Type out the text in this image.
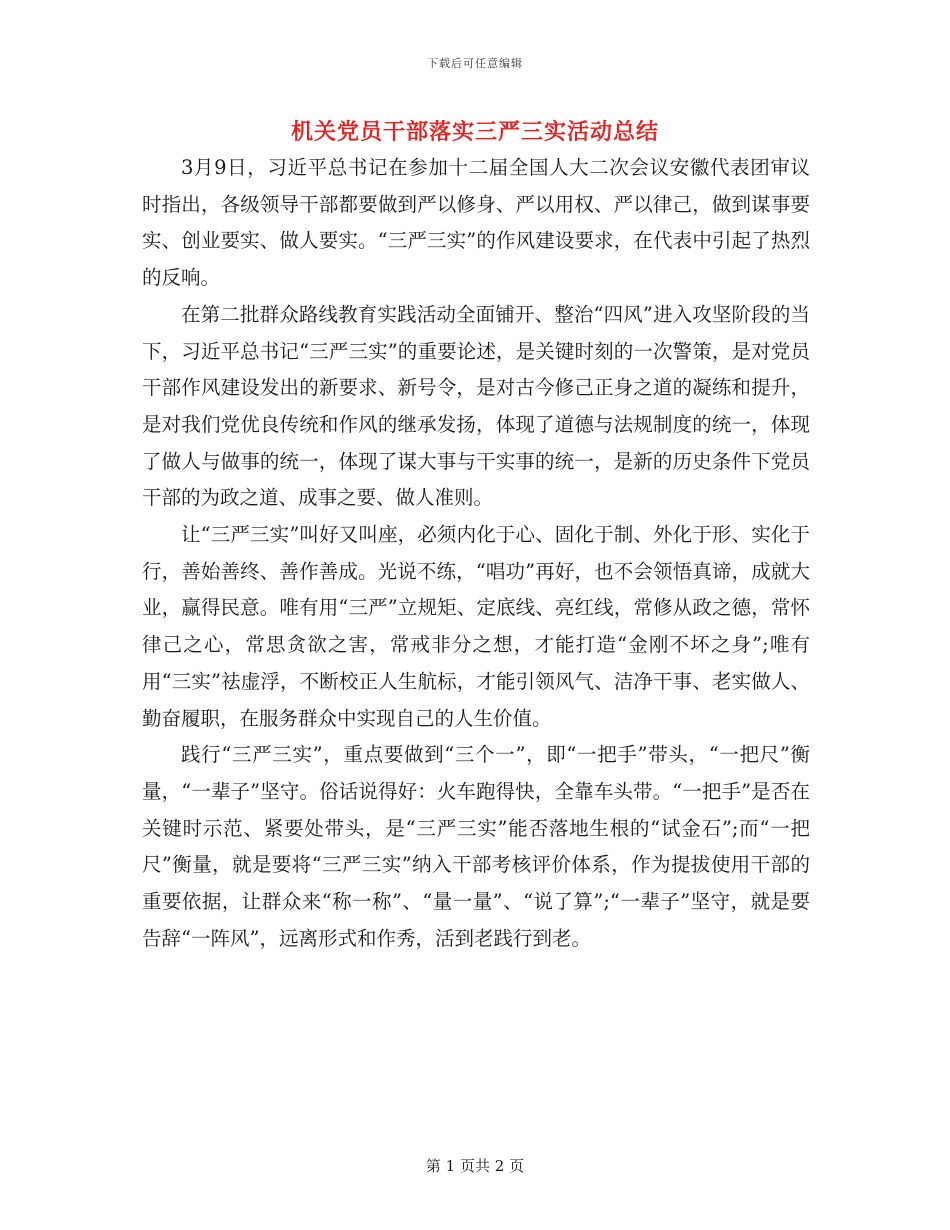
下载后可任意编辑
机关党员干部落实三严三实活动总结

3月9日，习近平总书记在参加十二届全国人大二次会议安徽代表团审议时指出，各级领导干部都要做到严以修身、严以用权、严以律己，做到谋事要实、创业要实、做人要实。“三严三实”的作风建设要求，在代表中引起了热烈的反响。

在第二批群众路线教育实践活动全面铺开、整治“四风”进入攻坚阶段的当下，习近平总书记“三严三实”的重要论述，是关键时刻的一次警策，是对党员干部作风建设发出的新要求、新号令，是对古今修己正身之道的凝练和提升，是对我们党优良传统和作风的继承发扬，体现了道德与法规制度的统一，体现了做人与做事的统一，体现了谋大事与干实事的统一，是新的历史条件下党员干部的为政之道、成事之要、做人准则。

让“三严三实”叫好又叫座，必须内化于心、固化于制、外化于形、实化于行，善始善终、善作善成。光说不练，“唱功”再好，也不会领悟真谛，成就大业，赢得民意。唯有用“三严”立规矩、定底线、亮红线，常修从政之德，常怀律己之心，常思贪欲之害，常戒非分之想，才能打造“金刚不坏之身”;唯有用“三实”祛虚浮，不断校正人生航标，才能引领风气、洁净干事、老实做人、勤奋履职，在服务群众中实现自己的人生价值。

践行“三严三实”，重点要做到“三个一”，即“一把手”带头，“一把尺”衡量，“一辈子”坚守。俗话说得好：火车跑得快，全靠车头带。“一把手”是否在关键时示范、紧要处带头，是“三严三实”能否落地生根的“试金石”;而“一把尺”衡量，就是要将“三严三实”纳入干部考核评价体系，作为提拔使用干部的重要依据，让群众来“称一称”、“量一量”、“说了算”;“一辈子”坚守，就是要告辞“一阵风”，远离形式和作秀，活到老践行到老。

第 1 页共 2 页
